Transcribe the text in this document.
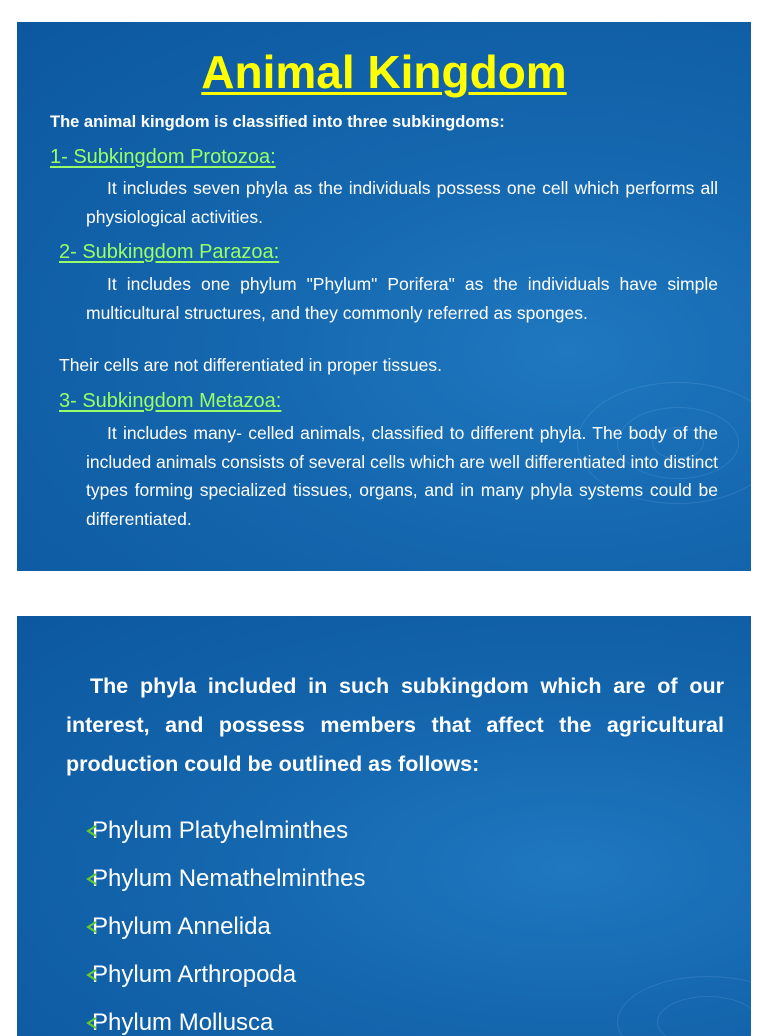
Animal Kingdom
The animal kingdom is classified into three subkingdoms:
1- Subkingdom Protozoa:
It includes seven phyla as the individuals possess one cell which performs all physiological activities.
2- Subkingdom Parazoa:
It includes one phylum "Phylum" Porifera" as the individuals have simple multicultural structures, and they commonly referred as sponges.
Their cells are not differentiated in proper tissues.
3- Subkingdom Metazoa:
It includes many- celled animals, classified to different phyla. The body of the included animals consists of several cells which are well differentiated into distinct types forming specialized tissues, organs, and in many phyla systems could be differentiated.
The phyla included in such subkingdom which are of our interest, and possess members that affect the agricultural production could be outlined as follows:
Phylum Platyhelminthes
Phylum Nemathelminthes
Phylum Annelida
Phylum Arthropoda
Phylum Mollusca
